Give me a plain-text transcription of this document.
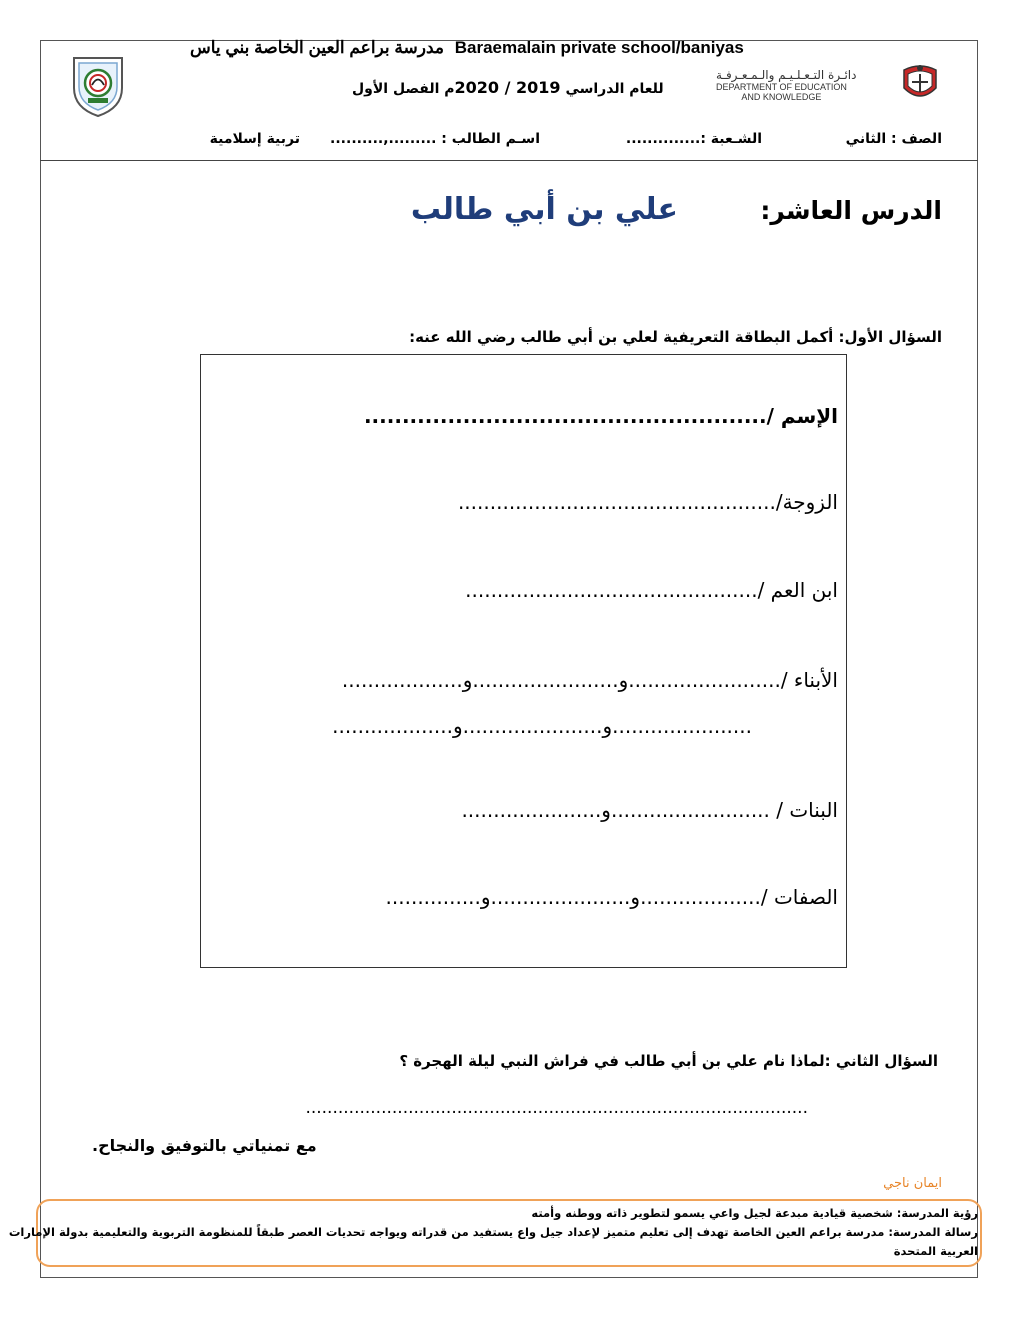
مدرسة براعم العين الخاصة بني ياس Baraemalain private school/baniyas
للعام الدراسي 2020 / 2019م الفصل الأول
دائـرة التـعـلـيـم والـمـعـرفـة
DEPARTMENT OF EDUCATION
AND KNOWLEDGE
الصف : الثاني
الشـعبة :..............
اسـم الطالب : .........,..........
تربية إسلامية
الدرس العاشر:
علي بن أبي طالب
السؤال الأول: أكمل البطاقة التعريفية لعلي بن أبي طالب رضي الله عنه:
الإسم /.....................................................
الزوجة/..................................................
ابن العم /..............................................
الأبناء /........................و.......................و...................
......................و......................و...................
البنات / .........................و......................
الصفات /...................و......................و...............
السؤال الثاني :لماذا نام علي بن أبي طالب في فراش النبي ليلة الهجرة ؟
.............................................................................................
مع تمنياتي بالتوفيق والنجاح.
ايمان ناجي
رؤية المدرسة: شخصية قيادية مبدعة لجيل واعي يسمو لتطوير ذاته ووطنه وأمته
رسالة المدرسة: مدرسة براعم العين الخاصة تهدف إلى تعليم متميز لإعداد جيل واع يستفيد من قدراته ويواجه تحديات العصر طبقاً للمنظومة التربوية والتعليمية بدولة الإمارات
العربية المتحدة
